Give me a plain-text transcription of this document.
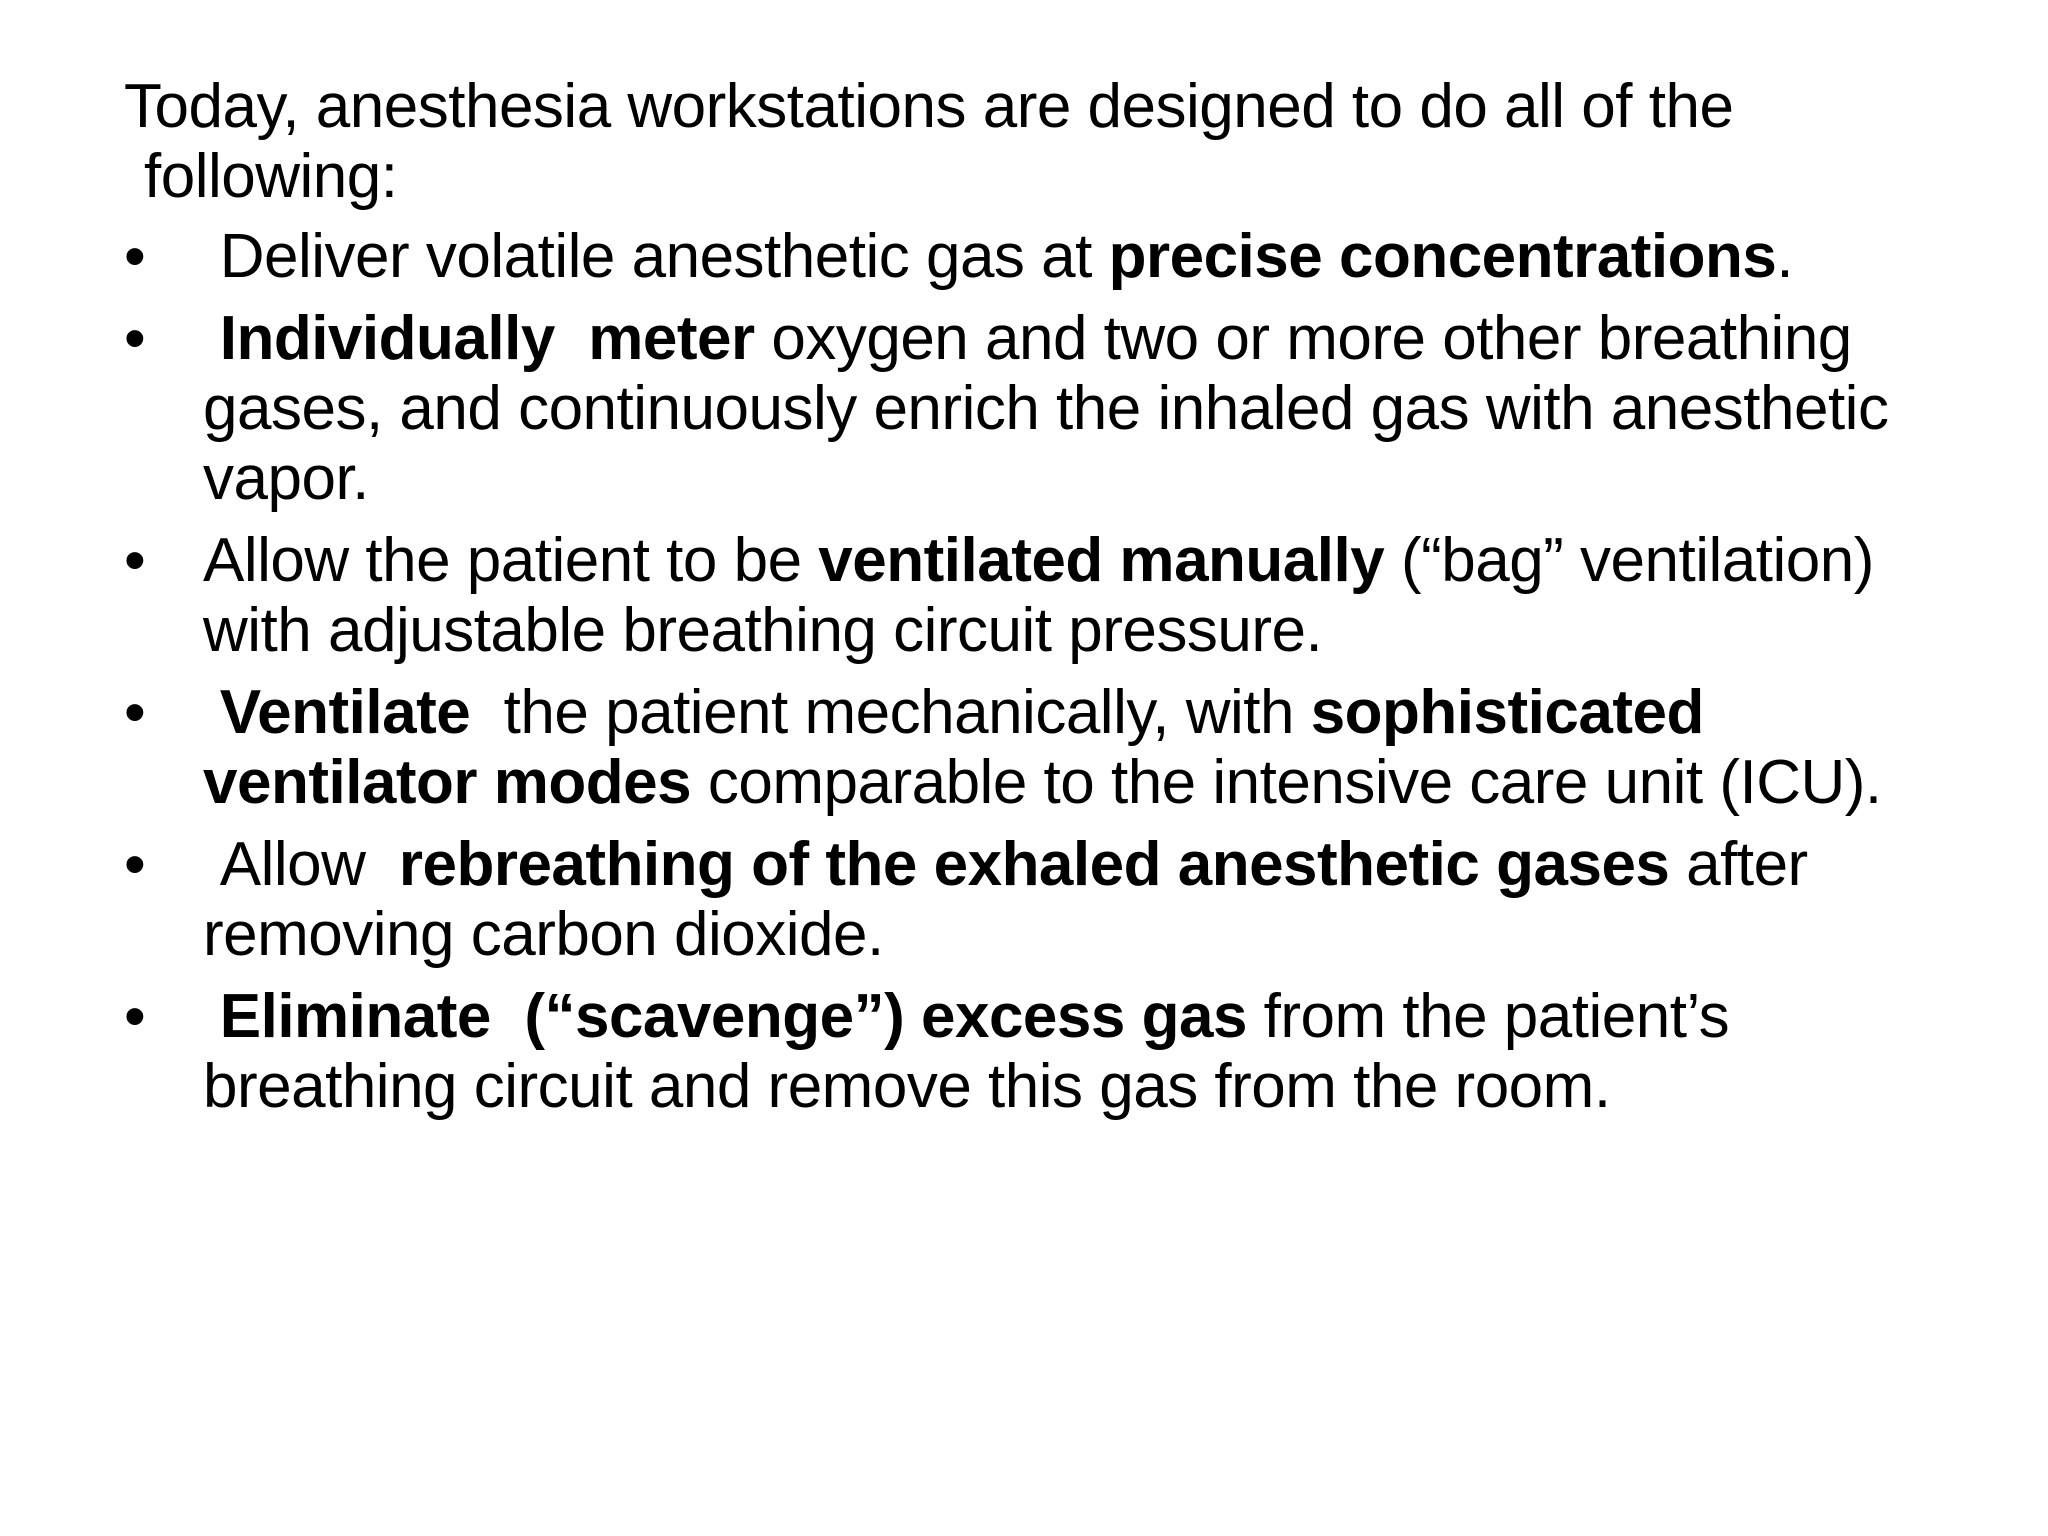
Today, anesthesia workstations are designed to do all of the following:

• Deliver volatile anesthetic gas at precise concentrations.
• Individually  meter oxygen and two or more other breathing gases, and continuously enrich the inhaled gas with anesthetic vapor.
• Allow the patient to be ventilated manually (“bag” ventilation) with adjustable breathing circuit pressure.
• Ventilate  the patient mechanically, with sophisticated ventilator modes comparable to the intensive care unit (ICU).
• Allow  rebreathing of the exhaled anesthetic gases after removing carbon dioxide.
• Eliminate  (“scavenge”) excess gas from the patient’s breathing circuit and remove this gas from the room.
